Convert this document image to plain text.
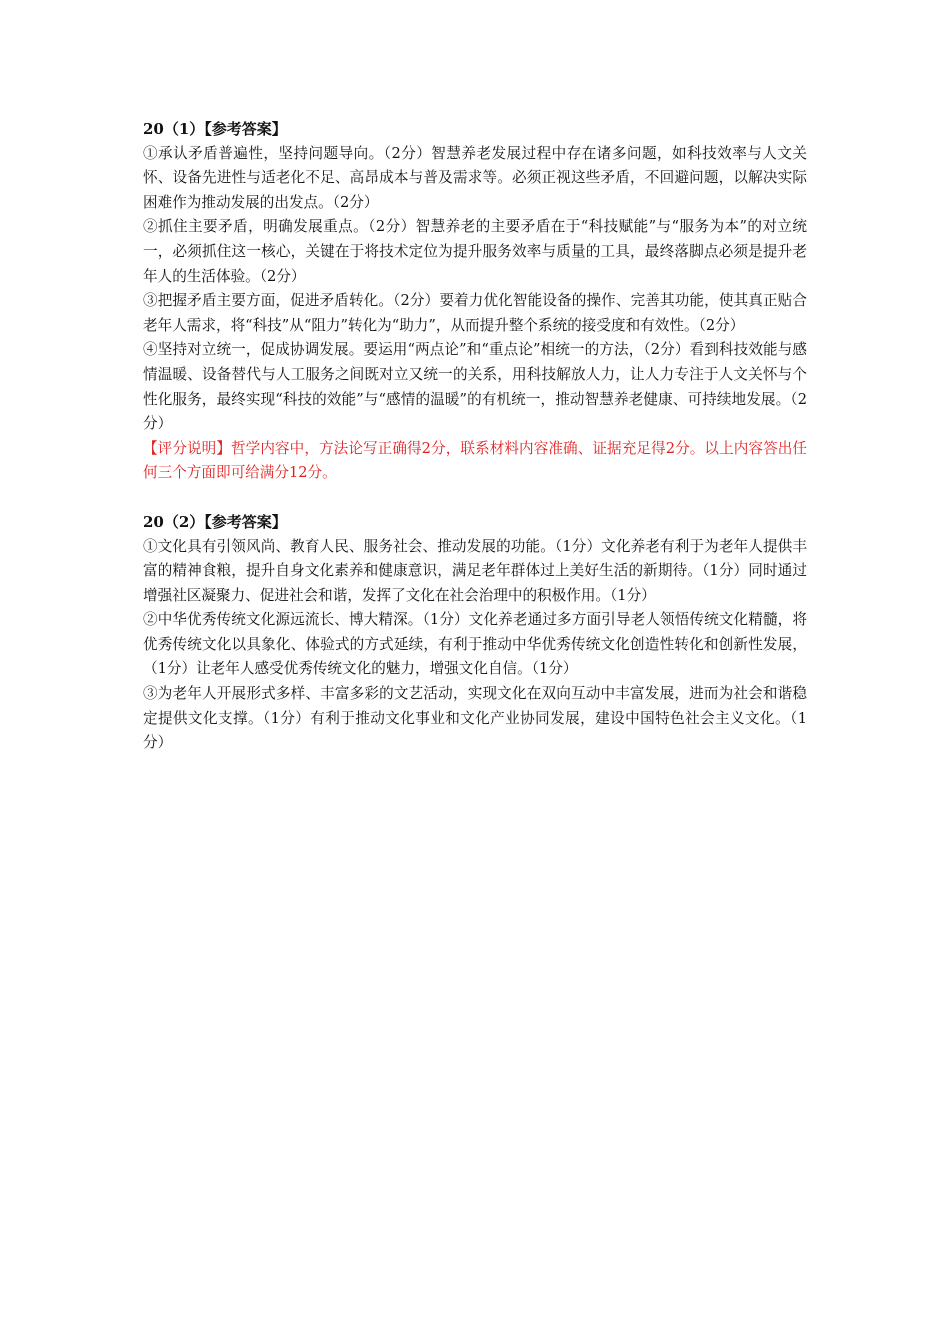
20（1）【参考答案】

①承认矛盾普遍性，坚持问题导向。（2分）智慧养老发展过程中存在诸多问题，如科技效率与人文关怀、设备先进性与适老化不足、高昂成本与普及需求等。必须正视这些矛盾，不回避问题，以解决实际困难作为推动发展的出发点。（2分）

②抓住主要矛盾，明确发展重点。（2分）智慧养老的主要矛盾在于“科技赋能”与“服务为本”的对立统一，必须抓住这一核心，关键在于将技术定位为提升服务效率与质量的工具，最终落脚点必须是提升老年人的生活体验。（2分）

③把握矛盾主要方面，促进矛盾转化。（2分）要着力优化智能设备的操作、完善其功能，使其真正贴合老年人需求，将“科技”从“阻力”转化为“助力”，从而提升整个系统的接受度和有效性。（2分）

④坚持对立统一，促成协调发展。要运用“两点论”和“重点论”相统一的方法，（2分）看到科技效能与感情温暖、设备替代与人工服务之间既对立又统一的关系，用科技解放人力，让人力专注于人文关怀与个性化服务，最终实现“科技的效能”与“感情的温暖”的有机统一，推动智慧养老健康、可持续地发展。（2分）

【评分说明】哲学内容中，方法论写正确得2分，联系材料内容准确、证据充足得2分。以上内容答出任何三个方面即可给满分12分。

20（2）【参考答案】

①文化具有引领风尚、教育人民、服务社会、推动发展的功能。（1分）文化养老有利于为老年人提供丰富的精神食粮，提升自身文化素养和健康意识，满足老年群体过上美好生活的新期待。（1分）同时通过增强社区凝聚力、促进社会和谐，发挥了文化在社会治理中的积极作用。（1分）

②中华优秀传统文化源远流长、博大精深。（1分）文化养老通过多方面引导老人领悟传统文化精髓，将优秀传统文化以具象化、体验式的方式延续，有利于推动中华优秀传统文化创造性转化和创新性发展，（1分）让老年人感受优秀传统文化的魅力，增强文化自信。（1分）

③为老年人开展形式多样、丰富多彩的文艺活动，实现文化在双向互动中丰富发展，进而为社会和谐稳定提供文化支撑。（1分）有利于推动文化事业和文化产业协同发展，建设中国特色社会主义文化。（1分）
